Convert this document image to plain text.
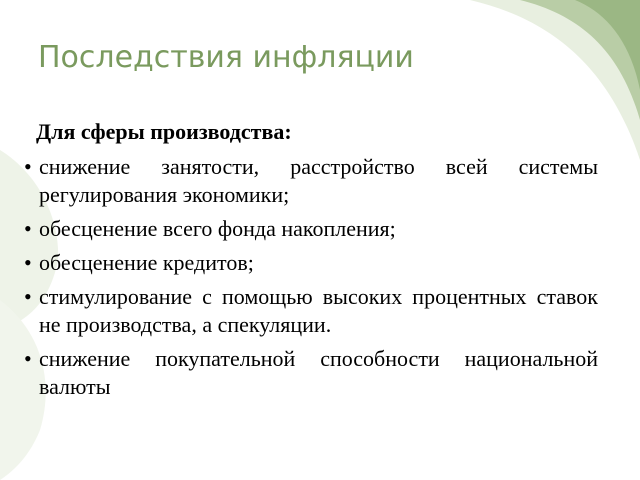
Последствия инфляции

Для сферы производства:

• снижение занятости, расстройство всей системы регулирования экономики;
• обесценение всего фонда накопления;
• обесценение кредитов;
• стимулирование с помощью высоких процентных ставок не производства, а спекуляции.
• снижение покупательной способности национальной валюты
